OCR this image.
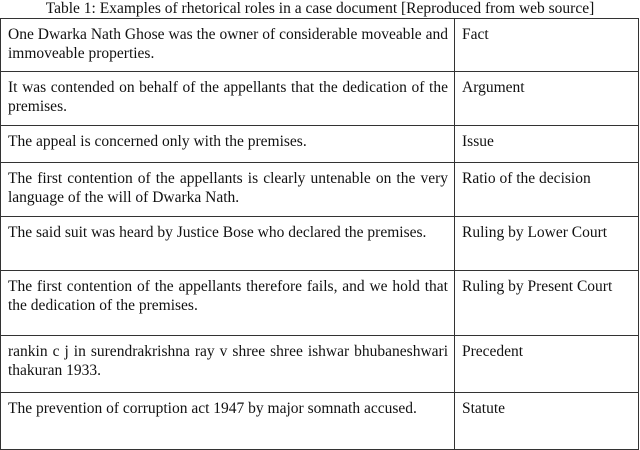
Table 1: Examples of rhetorical roles in a case document [Reproduced from web source]
One Dwarka Nath Ghose was the owner of considerable moveable and immoveable properties.	Fact
It was contended on behalf of the appellants that the dedication of the premises.	Argument
The appeal is concerned only with the premises.	Issue
The first contention of the appellants is clearly untenable on the very language of the will of Dwarka Nath.	Ratio of the decision
The said suit was heard by Justice Bose who declared the premises.	Ruling by Lower Court
The first contention of the appellants therefore fails, and we hold that the dedication of the premises.	Ruling by Present Court
rankin c j in surendrakrishna ray v shree shree ishwar bhubaneshwari thakuran 1933.	Precedent
The prevention of corruption act 1947 by major somnath accused.	Statute
